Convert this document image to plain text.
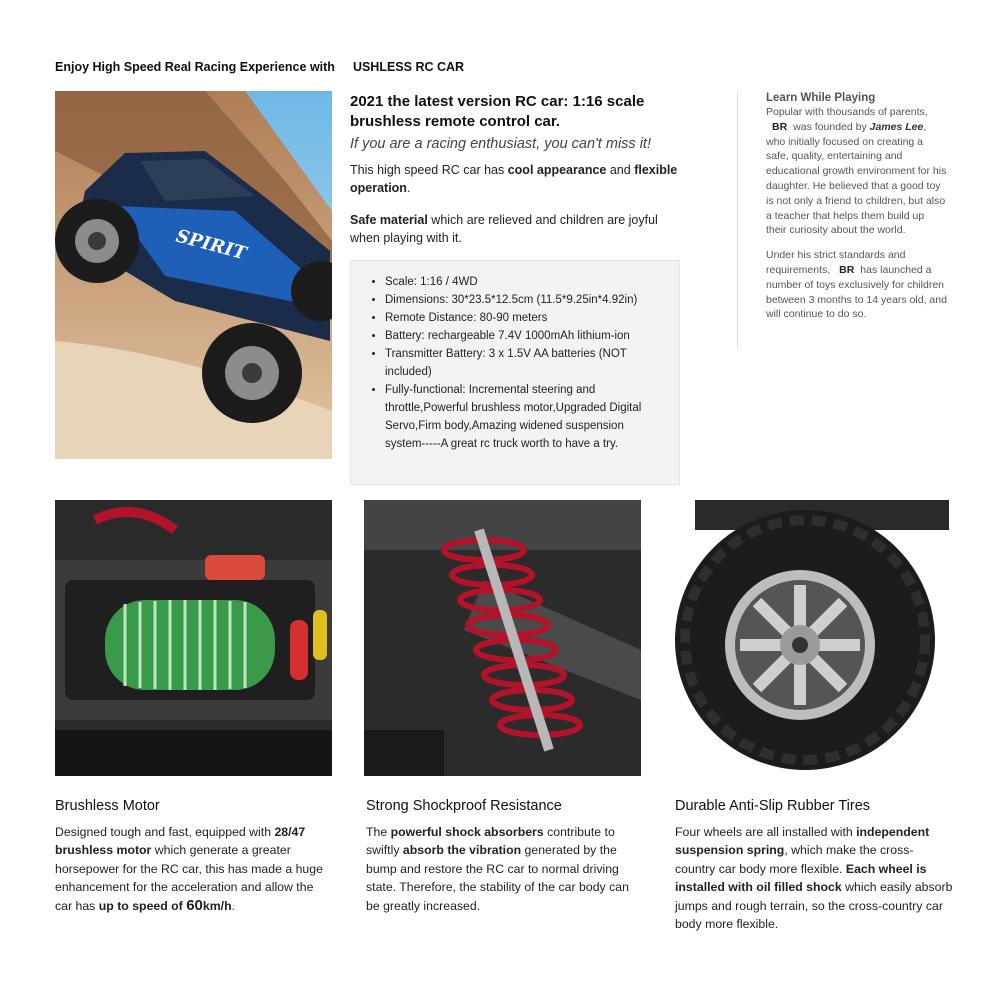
Enjoy High Speed Real Racing Experience with USHLESS RC CAR
SPIRIT
2021 the latest version RC car: 1:16 scale brushless remote control car.
If you are a racing enthusiast, you can't miss it!
This high speed RC car has cool appearance and flexible operation.
Safe material which are relieved and children are joyful when playing with it.
• Scale: 1:16 / 4WD
• Dimensions: 30*23.5*12.5cm (11.5*9.25in*4.92in)
• Remote Distance: 80-90 meters
• Battery: rechargeable 7.4V 1000mAh lithium-ion
• Transmitter Battery: 3 x 1.5V AA batteries (NOT included)
• Fully-functional: Incremental steering and throttle,Powerful brushless motor,Upgraded Digital Servo,Firm body,Amazing widened suspension system-----A great rc truck worth to have a try.
Learn While Playing

Popular with thousands of parents, BR was founded by James Lee, who initially focused on creating a safe, quality, entertaining and educational growth environment for his daughter. He believed that a good toy is not only a friend to children, but also a teacher that helps them build up their curiosity about the world.

Under his strict standards and requirements, BR has launched a number of toys exclusively for children between 3 months to 14 years old, and will continue to do so.

Brushless Motor
Designed tough and fast, equipped with 28/47 brushless motor which generate a greater horsepower for the RC car, this has made a huge enhancement for the acceleration and allow the car has up to speed of 60km/h.
Strong Shockproof Resistance
The powerful shock absorbers contribute to swiftly absorb the vibration generated by the bump and restore the RC car to normal driving state. Therefore, the stability of the car body can be greatly increased.
Durable Anti-Slip Rubber Tires
Four wheels are all installed with independent suspension spring, which make the cross-country car body more flexible. Each wheel is installed with oil filled shock which easily absorb jumps and rough terrain, so the cross-country car body more flexible.
